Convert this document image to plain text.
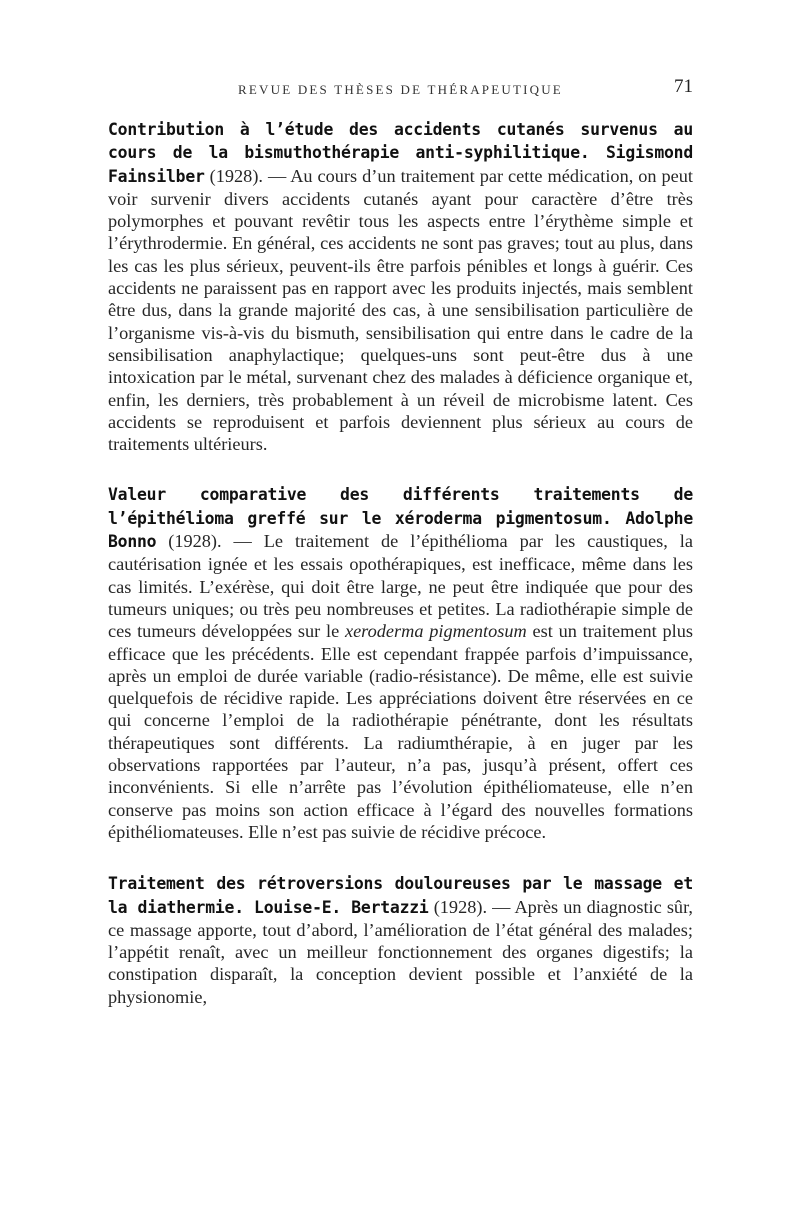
REVUE DES THÈSES DE THÉRAPEUTIQUE	71

Contribution à l’étude des accidents cutanés survenus au cours de la bismuthothérapie anti-syphilitique. Sigismond Fainsilber (1928). — Au cours d’un traitement par cette médication, on peut voir survenir divers accidents cutanés ayant pour caractère d’être très polymorphes et pouvant revêtir tous les aspects entre l’érythème simple et l’érythrodermie. En général, ces accidents ne sont pas graves; tout au plus, dans les cas les plus sérieux, peuvent-ils être parfois pénibles et longs à guérir. Ces accidents ne paraissent pas en rapport avec les produits injectés, mais semblent être dus, dans la grande majorité des cas, à une sensibilisation particulière de l’organisme vis-à-vis du bismuth, sensibilisation qui entre dans le cadre de la sensibilisation anaphylactique; quelques-uns sont peut-être dus à une intoxication par le métal, survenant chez des malades à déficience organique et, enfin, les derniers, très probablement à un réveil de microbisme latent. Ces accidents se reproduisent et parfois deviennent plus sérieux au cours de traitements ultérieurs.

Valeur comparative des différents traitements de l’épithélioma greffé sur le xéroderma pigmentosum. Adolphe Bonno (1928). — Le traitement de l’épithélioma par les caustiques, la cautérisation ignée et les essais opothérapiques, est inefficace, même dans les cas limités. L’exérèse, qui doit être large, ne peut être indiquée que pour des tumeurs uniques; ou très peu nombreuses et petites. La radiothérapie simple de ces tumeurs développées sur le xeroderma pigmentosum est un traitement plus efficace que les précédents. Elle est cependant frappée parfois d’impuissance, après un emploi de durée variable (radio-résistance). De même, elle est suivie quelquefois de récidive rapide. Les appréciations doivent être réservées en ce qui concerne l’emploi de la radiothérapie pénétrante, dont les résultats thérapeutiques sont différents. La radiumthérapie, à en juger par les observations rapportées par l’auteur, n’a pas, jusqu’à présent, offert ces inconvénients. Si elle n’arrête pas l’évolution épithéliomateuse, elle n’en conserve pas moins son action efficace à l’égard des nouvelles formations épithéliomateuses. Elle n’est pas suivie de récidive précoce.

Traitement des rétroversions douloureuses par le massage et la diathermie. Louise-E. Bertazzi (1928). — Après un diagnostic sûr, ce massage apporte, tout d’abord, l’amélioration de l’état général des malades; l’appétit renaît, avec un meilleur fonctionnement des organes digestifs; la constipation disparaît, la conception devient possible et l’anxiété de la physionomie,
